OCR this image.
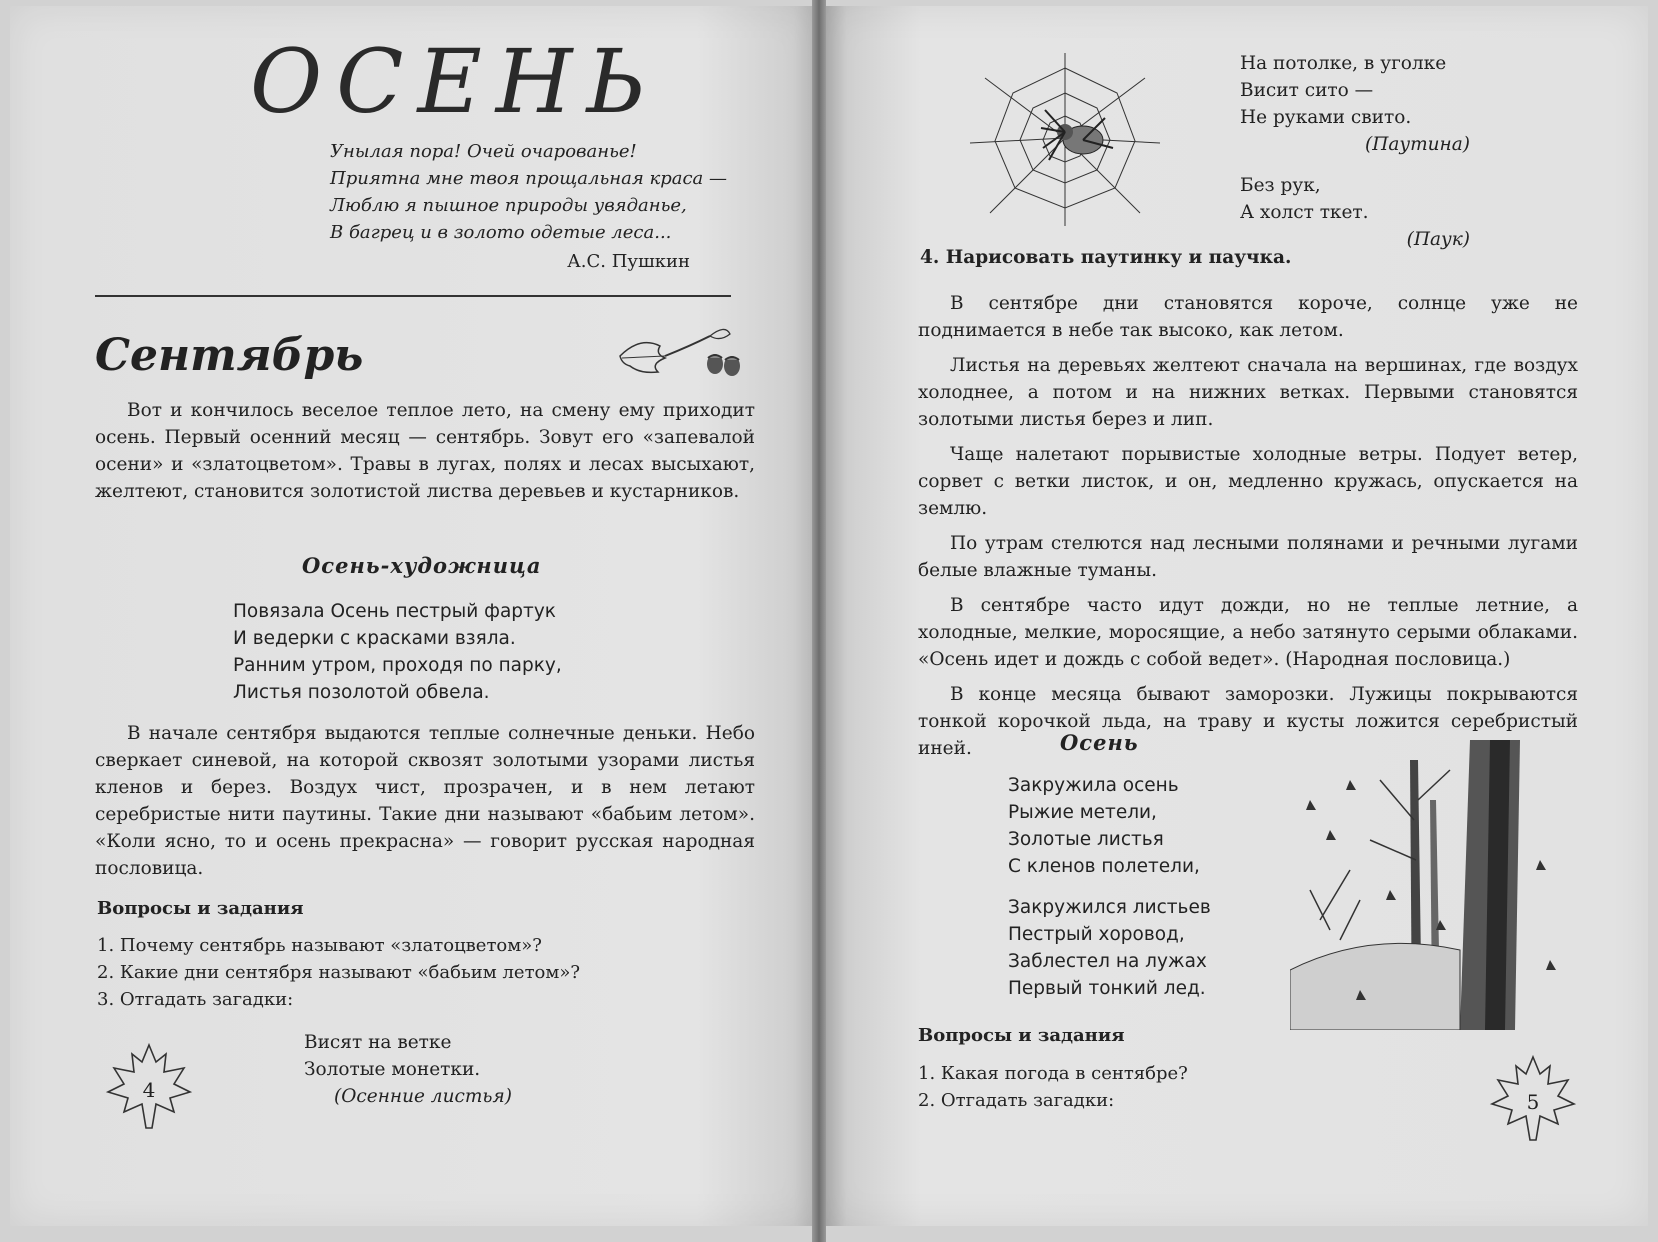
ОСЕНЬ
Унылая пора! Очей очарованье!
Приятна мне твоя прощальная краса —
Люблю я пышное природы увяданье,
В багрец и в золото одетые леса...
А.С. Пушкин
Сентябрь

Вот и кончилось веселое теплое лето, на смену ему приходит осень. Первый осенний месяц — сентябрь. Зовут его «запевалой осени» и «златоцветом». Травы в лугах, полях и лесах высыхают, желтеют, становится золотистой листва деревьев и кустарников.

Осень-художница
Повязала Осень пестрый фартук
И ведерки с красками взяла.
Ранним утром, проходя по парку,
Листья позолотой обвела.

В начале сентября выдаются теплые солнечные деньки. Небо сверкает синевой, на которой сквозят золотыми узорами листья кленов и берез. Воздух чист, прозрачен, и в нем летают серебристые нити паутины. Такие дни называют «бабьим летом». «Коли ясно, то и осень прекрасна» — говорит русская народная пословица.

Вопросы и задания
1. Почему сентябрь называют «златоцветом»?
2. Какие дни сентября называют «бабьим летом»?
3. Отгадать загадки:
Висят на ветке
Золотые монетки.
(Осенние листья)
4
На потолке, в уголке
Висит сито —
Не руками свито.
(Паутина)
Без рук,
А холст ткет.
(Паук)
4. Нарисовать паутинку и паучка.

В сентябре дни становятся короче, солнце уже не поднимается в небе так высоко, как летом.

Листья на деревьях желтеют сначала на вершинах, где воздух холоднее, а потом и на нижних ветках. Первыми становятся золотыми листья берез и лип.

Чаще налетают порывистые холодные ветры. Подует ветер, сорвет с ветки листок, и он, медленно кружась, опускается на землю.

По утрам стелются над лесными полянами и речными лугами белые влажные туманы.

В сентябре часто идут дожди, но не теплые летние, а холодные, мелкие, моросящие, а небо затянуто серыми облаками. «Осень идет и дождь с собой ведет». (Народная пословица.)

В конце месяца бывают заморозки. Лужицы покрываются тонкой корочкой льда, на траву и кусты ложится серебристый иней.	Осень
Закружила осень
Рыжие метели,
Золотые листья
С кленов полетели,
Закружился листьев
Пестрый хоровод,
Заблестел на лужах
Первый тонкий лед.
Вопросы и задания
1. Какая погода в сентябре?
2. Отгадать загадки:	5
